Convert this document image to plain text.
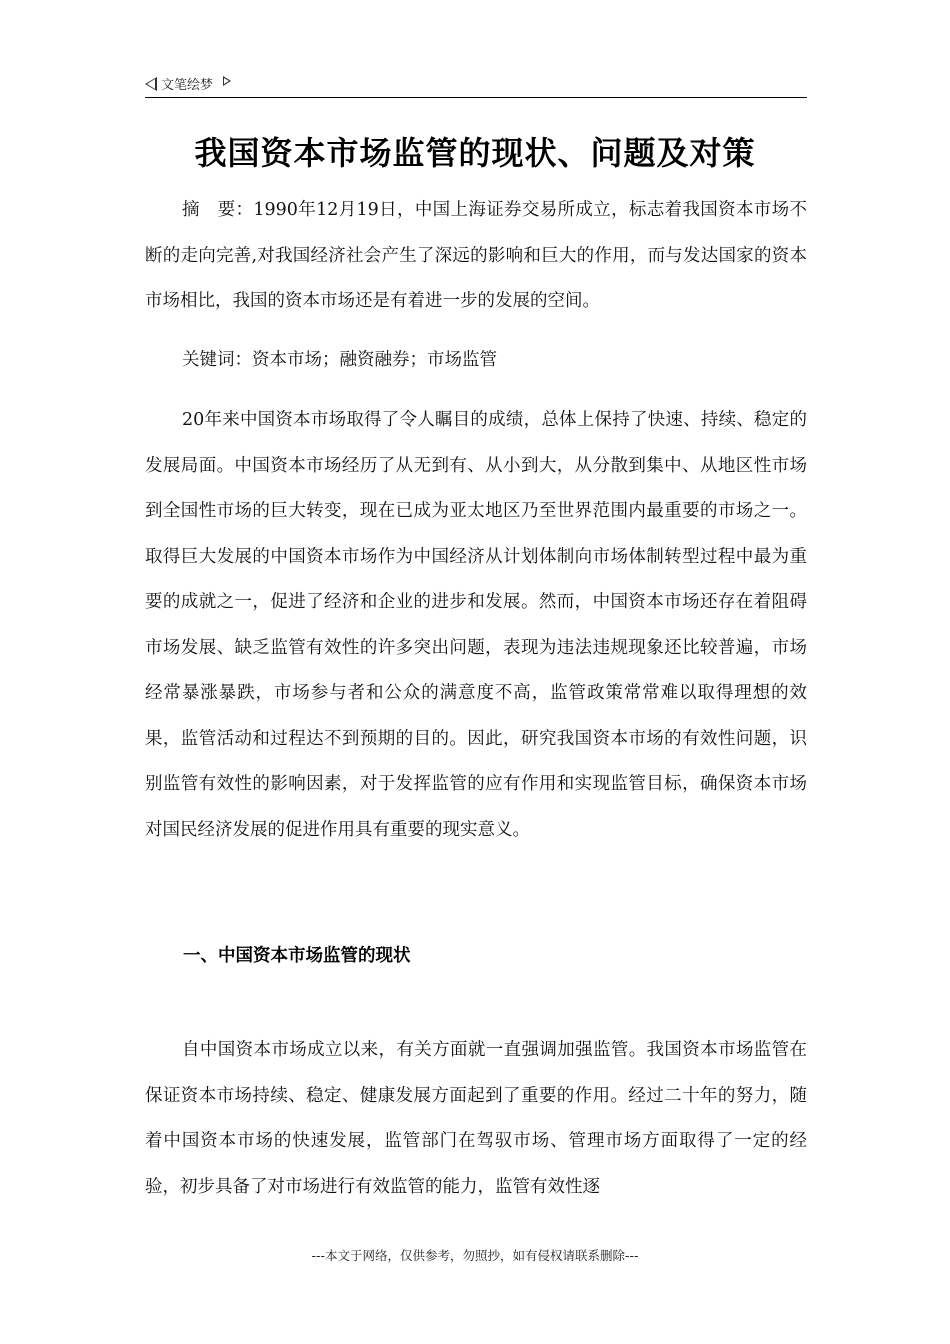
文笔绘梦
我国资本市场监管的现状、问题及对策

摘　要：1990年12月19日，中国上海证券交易所成立，标志着我国资本市场不断的走向完善,对我国经济社会产生了深远的影响和巨大的作用，而与发达国家的资本市场相比，我国的资本市场还是有着进一步的发展的空间。

关键词：资本市场；融资融券；市场监管

20年来中国资本市场取得了令人瞩目的成绩，总体上保持了快速、持续、稳定的发展局面。中国资本市场经历了从无到有、从小到大，从分散到集中、从地区性市场到全国性市场的巨大转变，现在已成为亚太地区乃至世界范围内最重要的市场之一。取得巨大发展的中国资本市场作为中国经济从计划体制向市场体制转型过程中最为重要的成就之一，促进了经济和企业的进步和发展。然而，中国资本市场还存在着阻碍市场发展、缺乏监管有效性的许多突出问题，表现为违法违规现象还比较普遍，市场经常暴涨暴跌，市场参与者和公众的满意度不高，监管政策常常难以取得理想的效果，监管活动和过程达不到预期的目的。因此，研究我国资本市场的有效性问题，识别监管有效性的影响因素，对于发挥监管的应有作用和实现监管目标，确保资本市场对国民经济发展的促进作用具有重要的现实意义。

一、中国资本市场监管的现状

自中国资本市场成立以来，有关方面就一直强调加强监管。我国资本市场监管在保证资本市场持续、稳定、健康发展方面起到了重要的作用。经过二十年的努力，随着中国资本市场的快速发展，监管部门在驾驭市场、管理市场方面取得了一定的经验，初步具备了对市场进行有效监管的能力，监管有效性逐

---本文于网络，仅供参考，勿照抄，如有侵权请联系删除---
